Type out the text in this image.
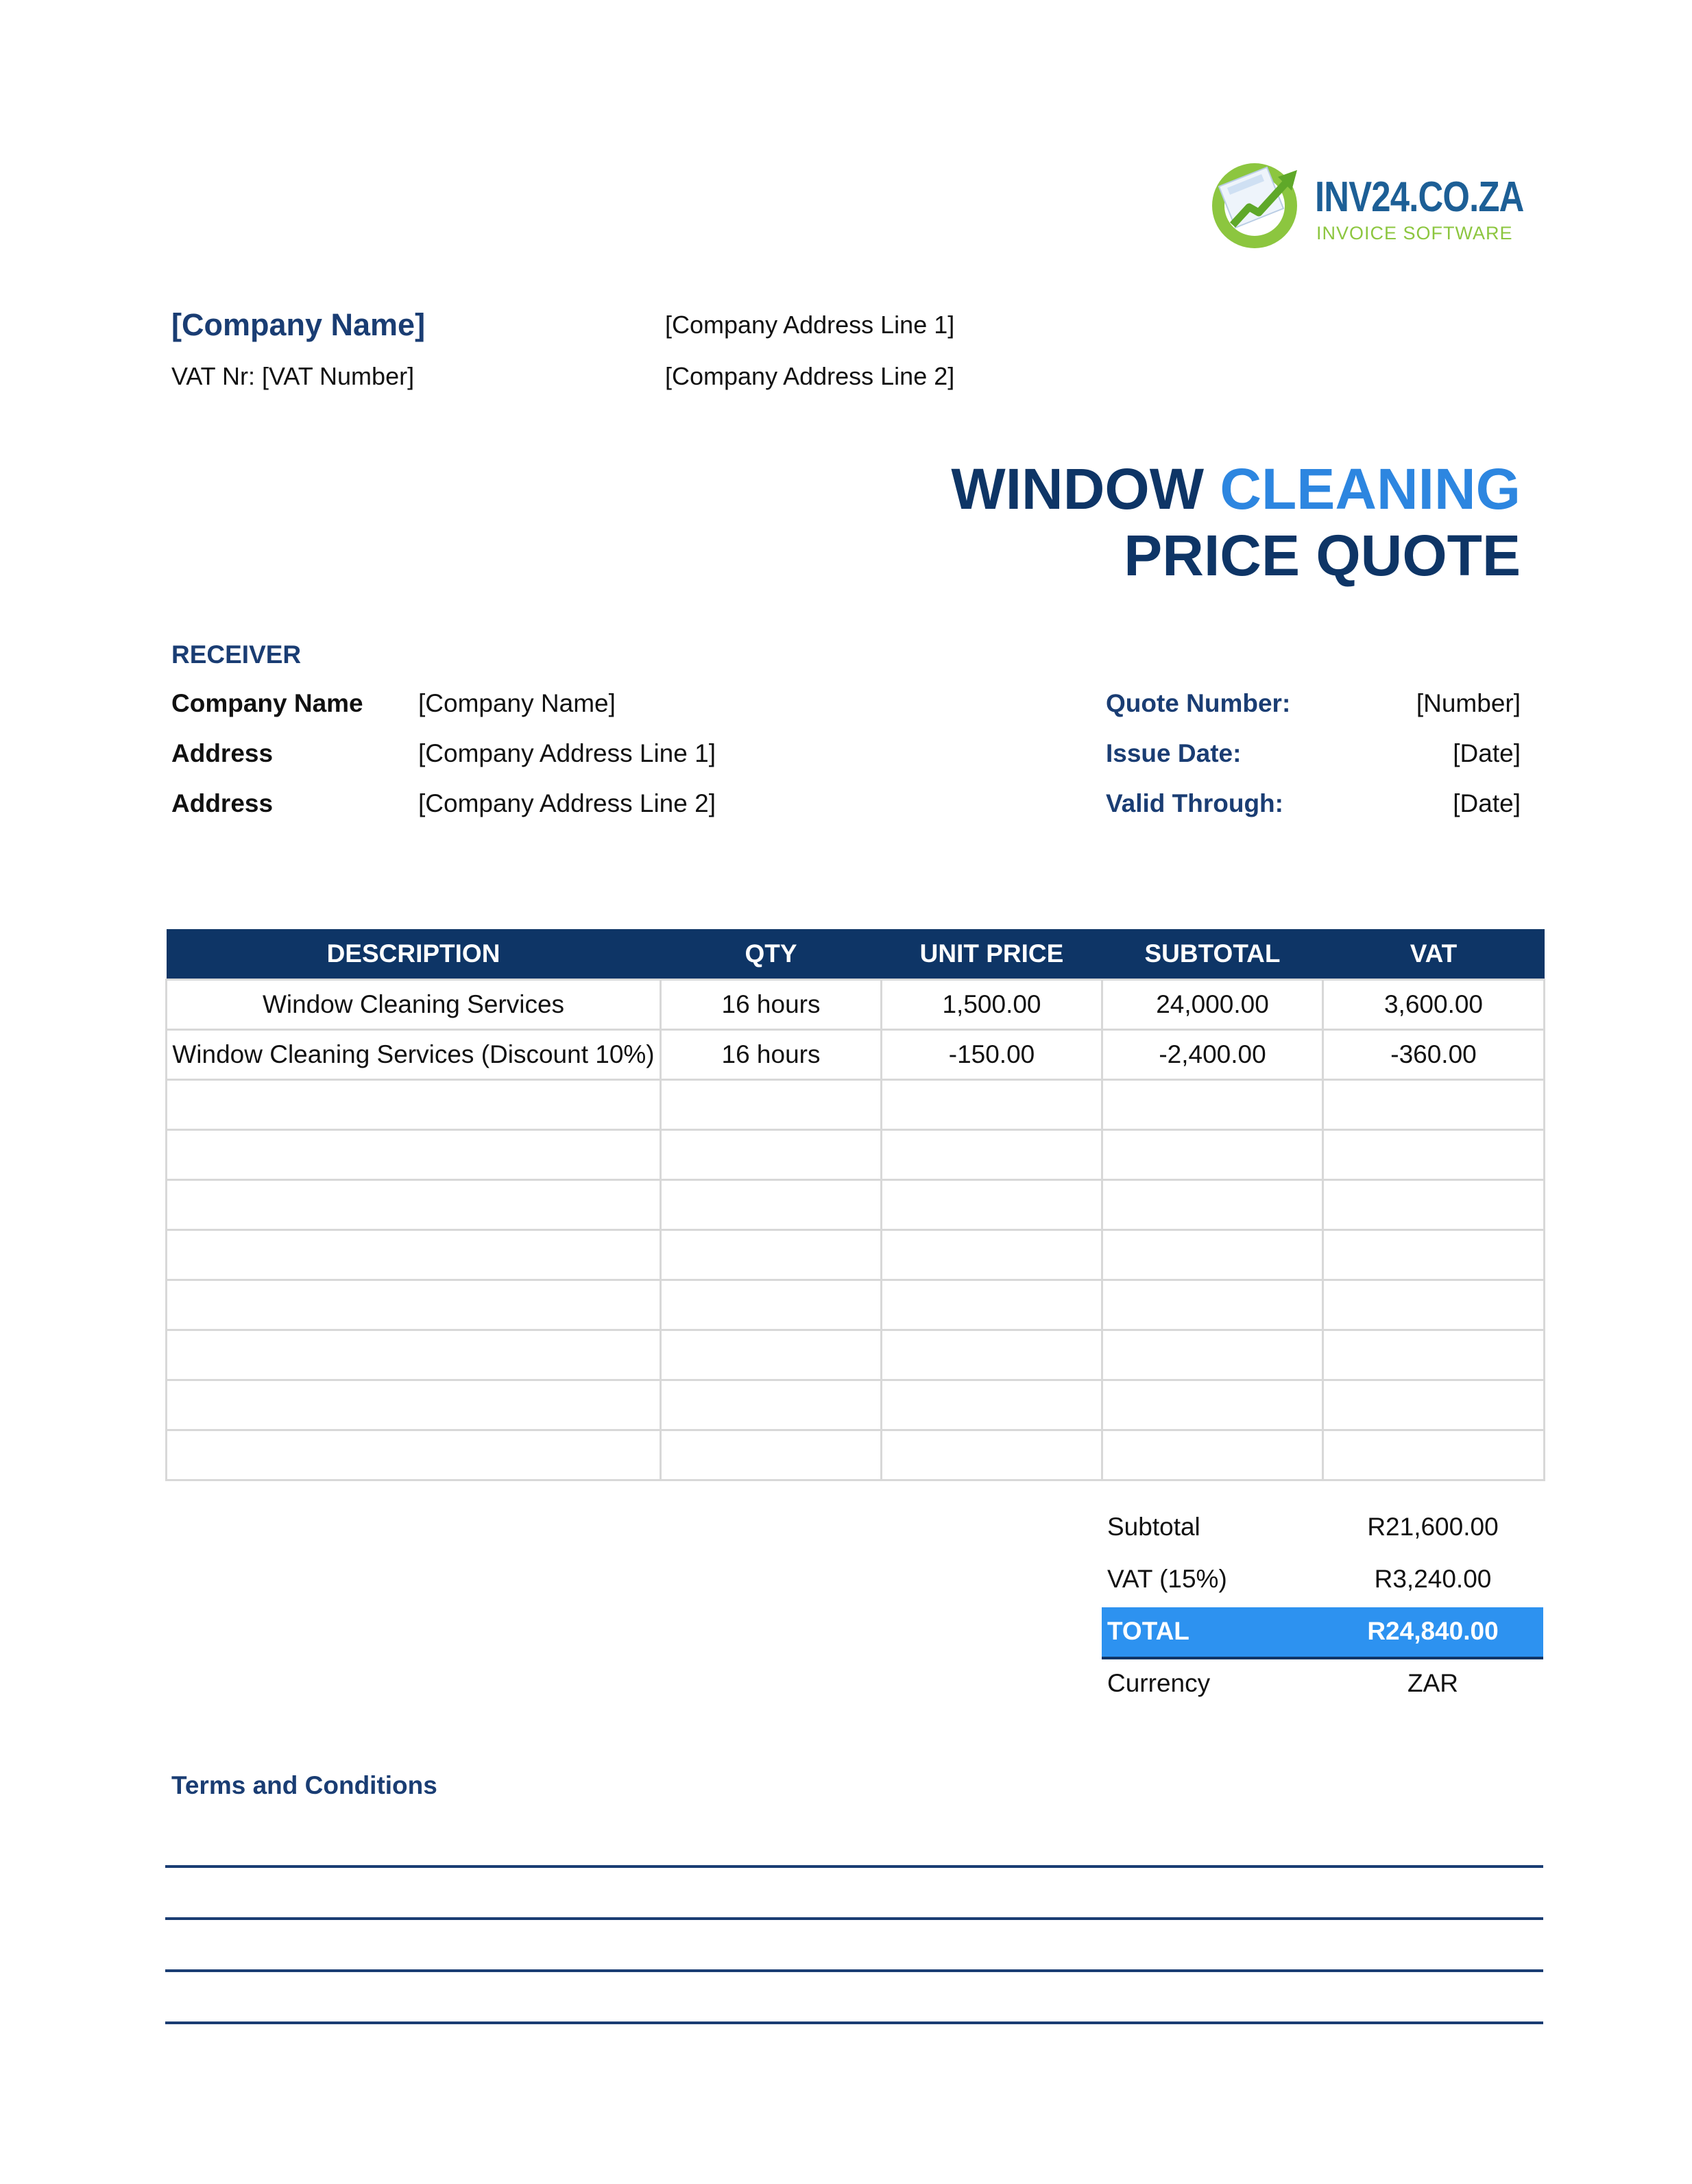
INV24.CO.ZA
INVOICE SOFTWARE
[Company Name]
VAT Nr: [VAT Number]
[Company Address Line 1]
[Company Address Line 2]
WINDOW CLEANING
PRICE QUOTE
RECEIVER
Company Name [Company Name]
Address	[Company Address Line 1]
Address	[Company Address Line 2]
Quote Number:	[Number]
Issue Date:	[Date]
Valid Through:	[Date]
DESCRIPTION	QTY	UNIT PRICE	SUBTOTAL	VAT
Window Cleaning Services	16 hours	1,500.00	24,000.00	3,600.00
Window Cleaning Services (Discount 10%)	16 hours	-150.00	-2,400.00	-360.00

Subtotal	R21,600.00
VAT (15%)	R3,240.00
TOTAL	R24,840.00
Currency	ZAR
Terms and Conditions
